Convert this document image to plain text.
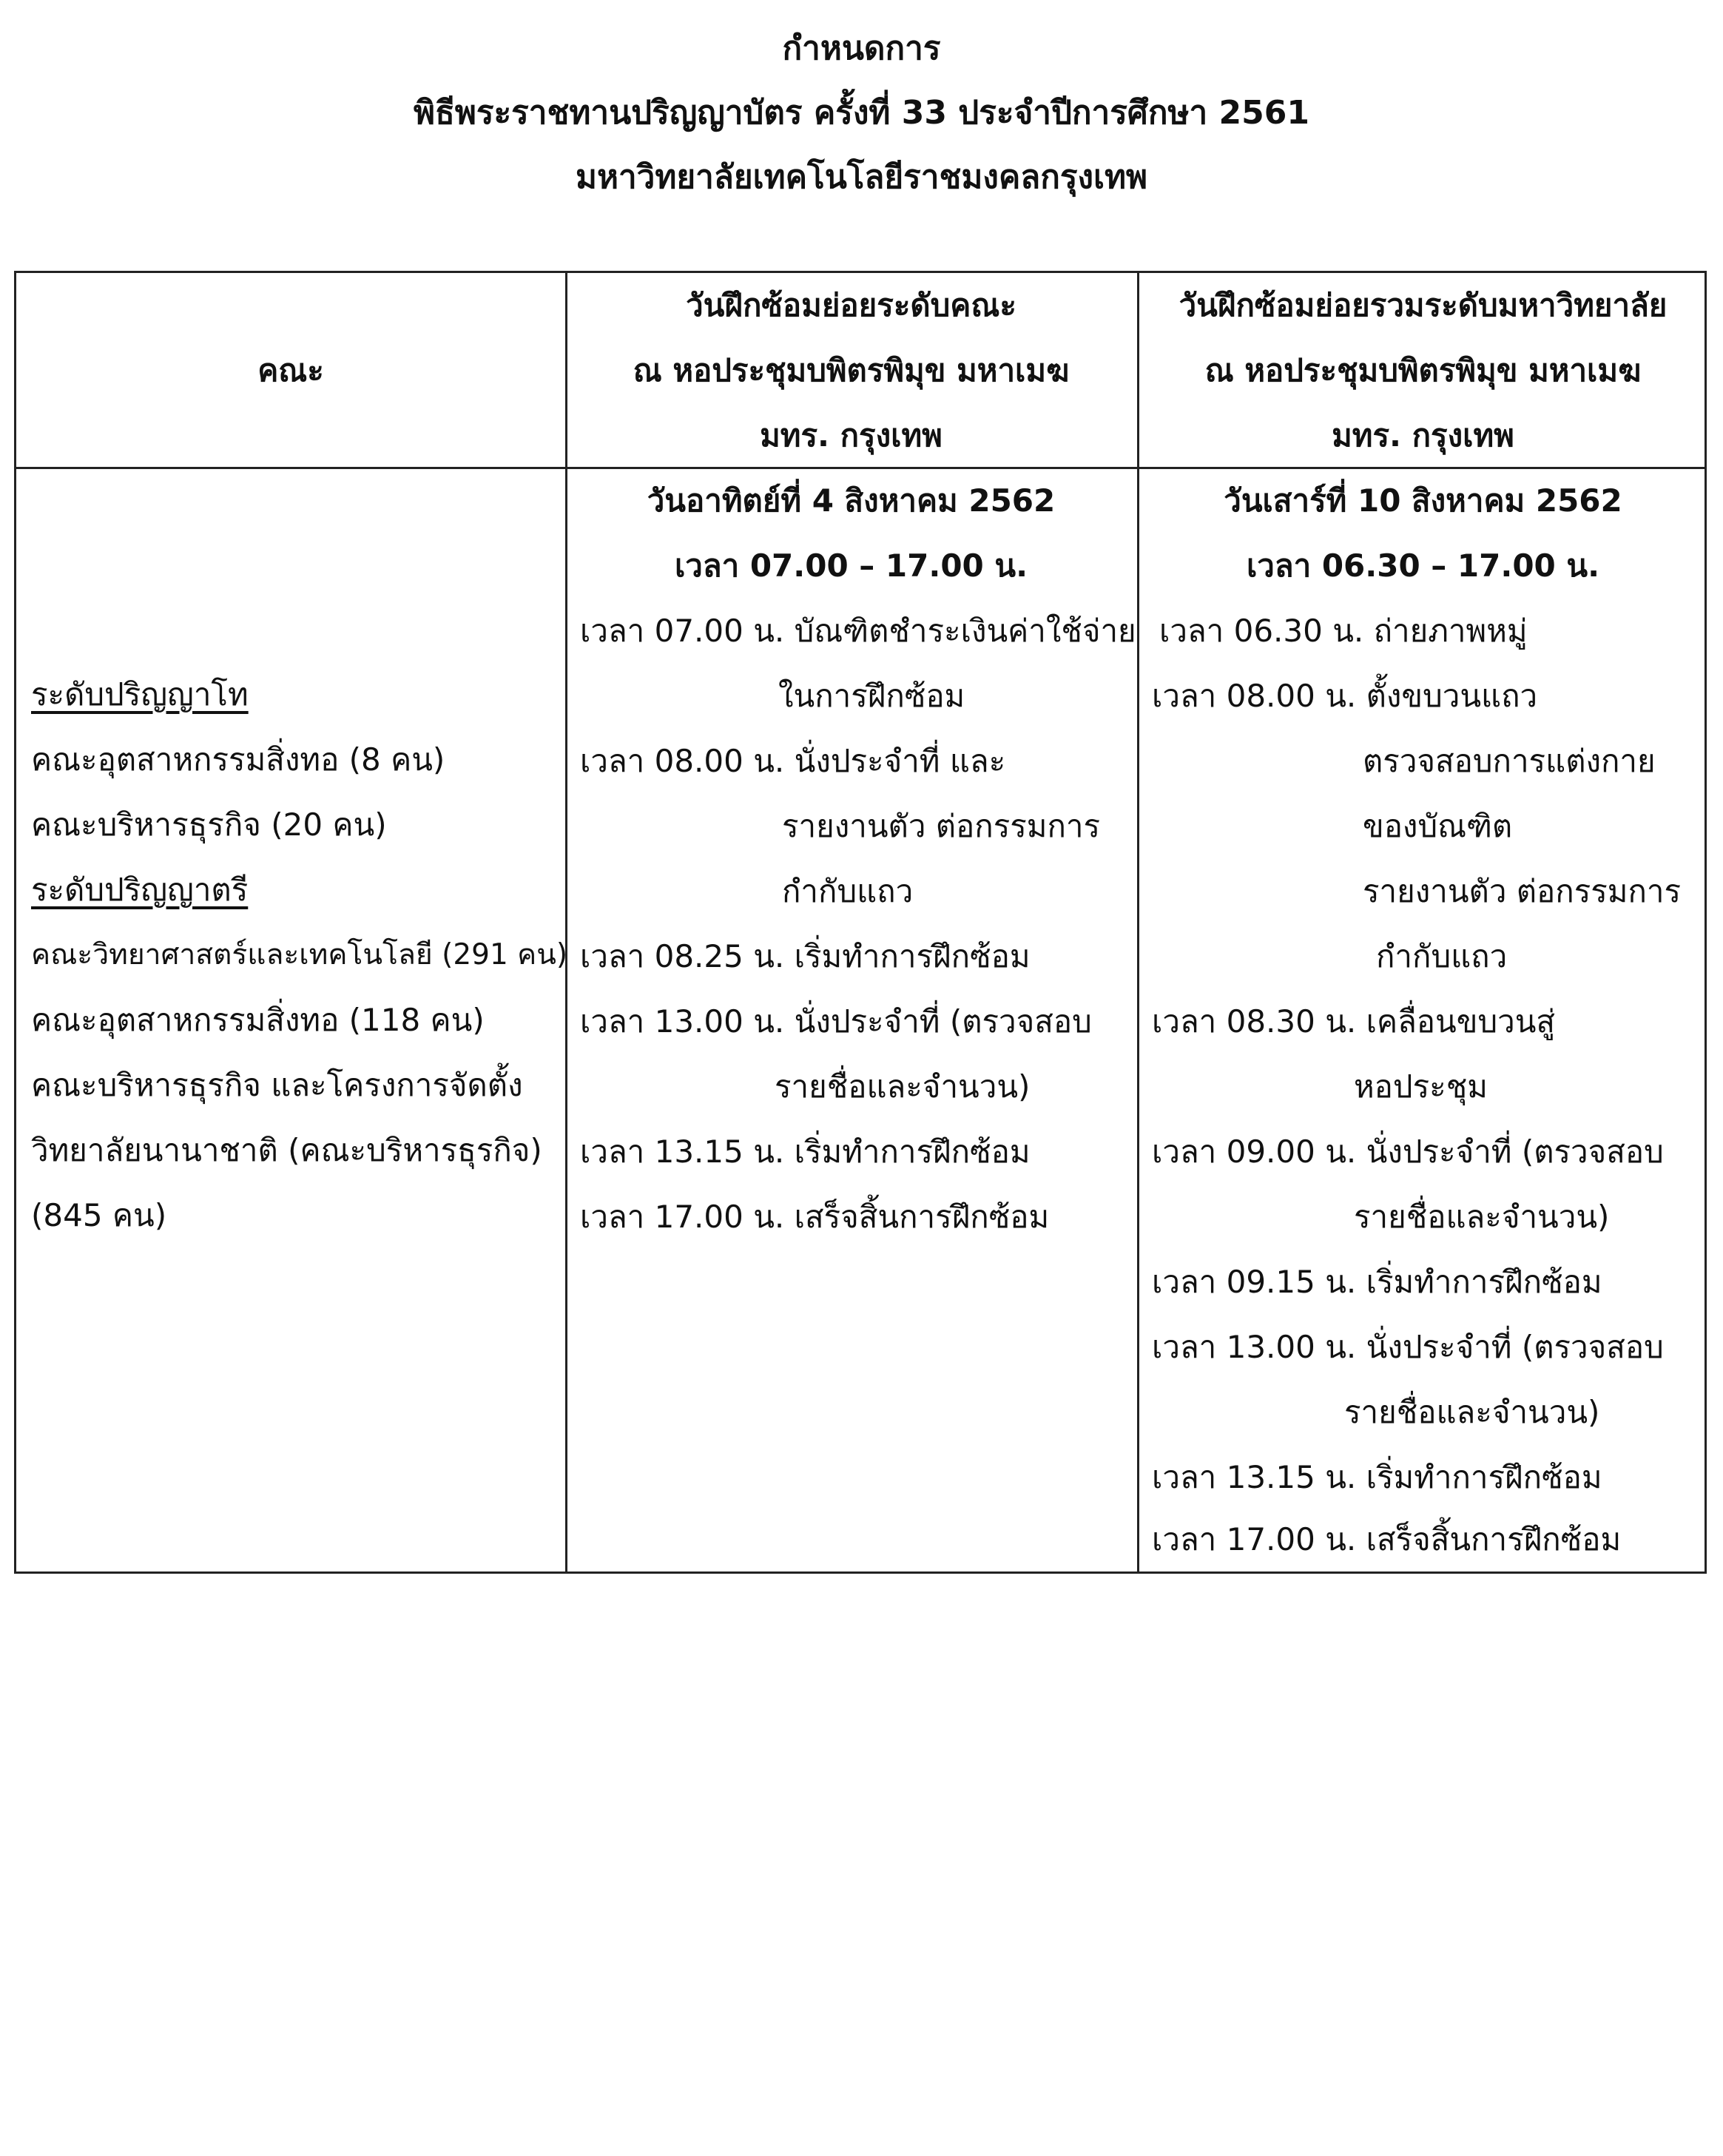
กำหนดการ
พิธีพระราชทานปริญญาบัตร ครั้งที่ 33 ประจำปีการศึกษา 2561
มหาวิทยาลัยเทคโนโลยีราชมงคลกรุงเทพ
คณะ
วันฝึกซ้อมย่อยระดับคณะ
ณ หอประชุมบพิตรพิมุข มหาเมฆ
มทร. กรุงเทพ
วันฝึกซ้อมย่อยรวมระดับมหาวิทยาลัย
ณ หอประชุมบพิตรพิมุข มหาเมฆ
มทร. กรุงเทพ
ระดับปริญญาโท
คณะอุตสาหกรรมสิ่งทอ (8 คน)
คณะบริหารธุรกิจ (20 คน)
ระดับปริญญาตรี
คณะวิทยาศาสตร์และเทคโนโลยี (291 คน)
คณะอุตสาหกรรมสิ่งทอ (118 คน)
คณะบริหารธุรกิจ และโครงการจัดตั้ง
วิทยาลัยนานาชาติ (คณะบริหารธุรกิจ)
(845 คน)
วันอาทิตย์ที่ 4 สิงหาคม 2562
เวลา 07.00 – 17.00 น.
เวลา 07.00 น. บัณฑิตชำระเงินค่าใช้จ่าย
ในการฝึกซ้อม
เวลา 08.00 น. นั่งประจำที่ และ
รายงานตัว ต่อกรรมการ
กำกับแถว
เวลา 08.25 น. เริ่มทำการฝึกซ้อม
เวลา 13.00 น. นั่งประจำที่ (ตรวจสอบ
รายชื่อและจำนวน)
เวลา 13.15 น. เริ่มทำการฝึกซ้อม
เวลา 17.00 น. เสร็จสิ้นการฝึกซ้อม
วันเสาร์ที่ 10 สิงหาคม 2562
เวลา 06.30 – 17.00 น.
เวลา 06.30 น. ถ่ายภาพหมู่
เวลา 08.00 น. ตั้งขบวนแถว
ตรวจสอบการแต่งกาย
ของบัณฑิต
รายงานตัว ต่อกรรมการ
กำกับแถว
เวลา 08.30 น. เคลื่อนขบวนสู่
หอประชุม
เวลา 09.00 น. นั่งประจำที่ (ตรวจสอบ
รายชื่อและจำนวน)
เวลา 09.15 น. เริ่มทำการฝึกซ้อม
เวลา 13.00 น. นั่งประจำที่ (ตรวจสอบ
รายชื่อและจำนวน)
เวลา 13.15 น. เริ่มทำการฝึกซ้อม
เวลา 17.00 น. เสร็จสิ้นการฝึกซ้อม
